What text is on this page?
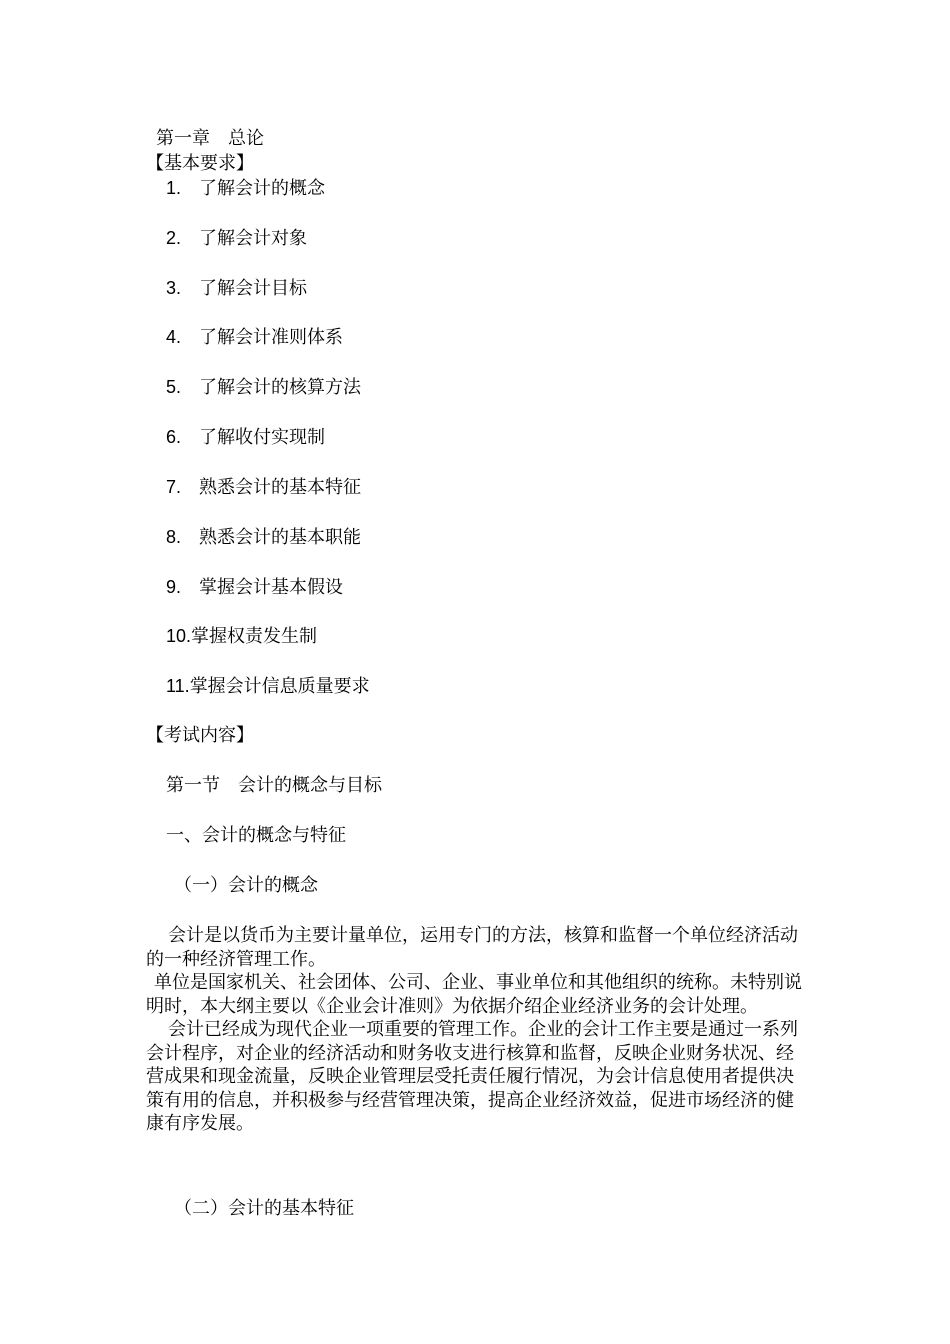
第一章　总论
【基本要求】
1. 了解会计的概念
2. 了解会计对象
3. 了解会计目标
4. 了解会计准则体系
5. 了解会计的核算方法
6. 了解收付实现制
7. 熟悉会计的基本特征
8. 熟悉会计的基本职能
9. 掌握会计基本假设
10.掌握权责发生制
11.掌握会计信息质量要求
【考试内容】
第一节　会计的概念与目标
一、会计的概念与特征
（一）会计的概念

会计是以货币为主要计量单位，运用专门的方法，核算和监督一个单位经济活动的一种经济管理工作。

单位是国家机关、社会团体、公司、企业、事业单位和其他组织的统称。未特别说明时，本大纲主要以《企业会计准则》为依据介绍企业经济业务的会计处理。

会计已经成为现代企业一项重要的管理工作。企业的会计工作主要是通过一系列会计程序，对企业的经济活动和财务收支进行核算和监督，反映企业财务状况、经营成果和现金流量，反映企业管理层受托责任履行情况，为会计信息使用者提供决策有用的信息，并积极参与经营管理决策，提高企业经济效益，促进市场经济的健康有序发展。

（二）会计的基本特征
